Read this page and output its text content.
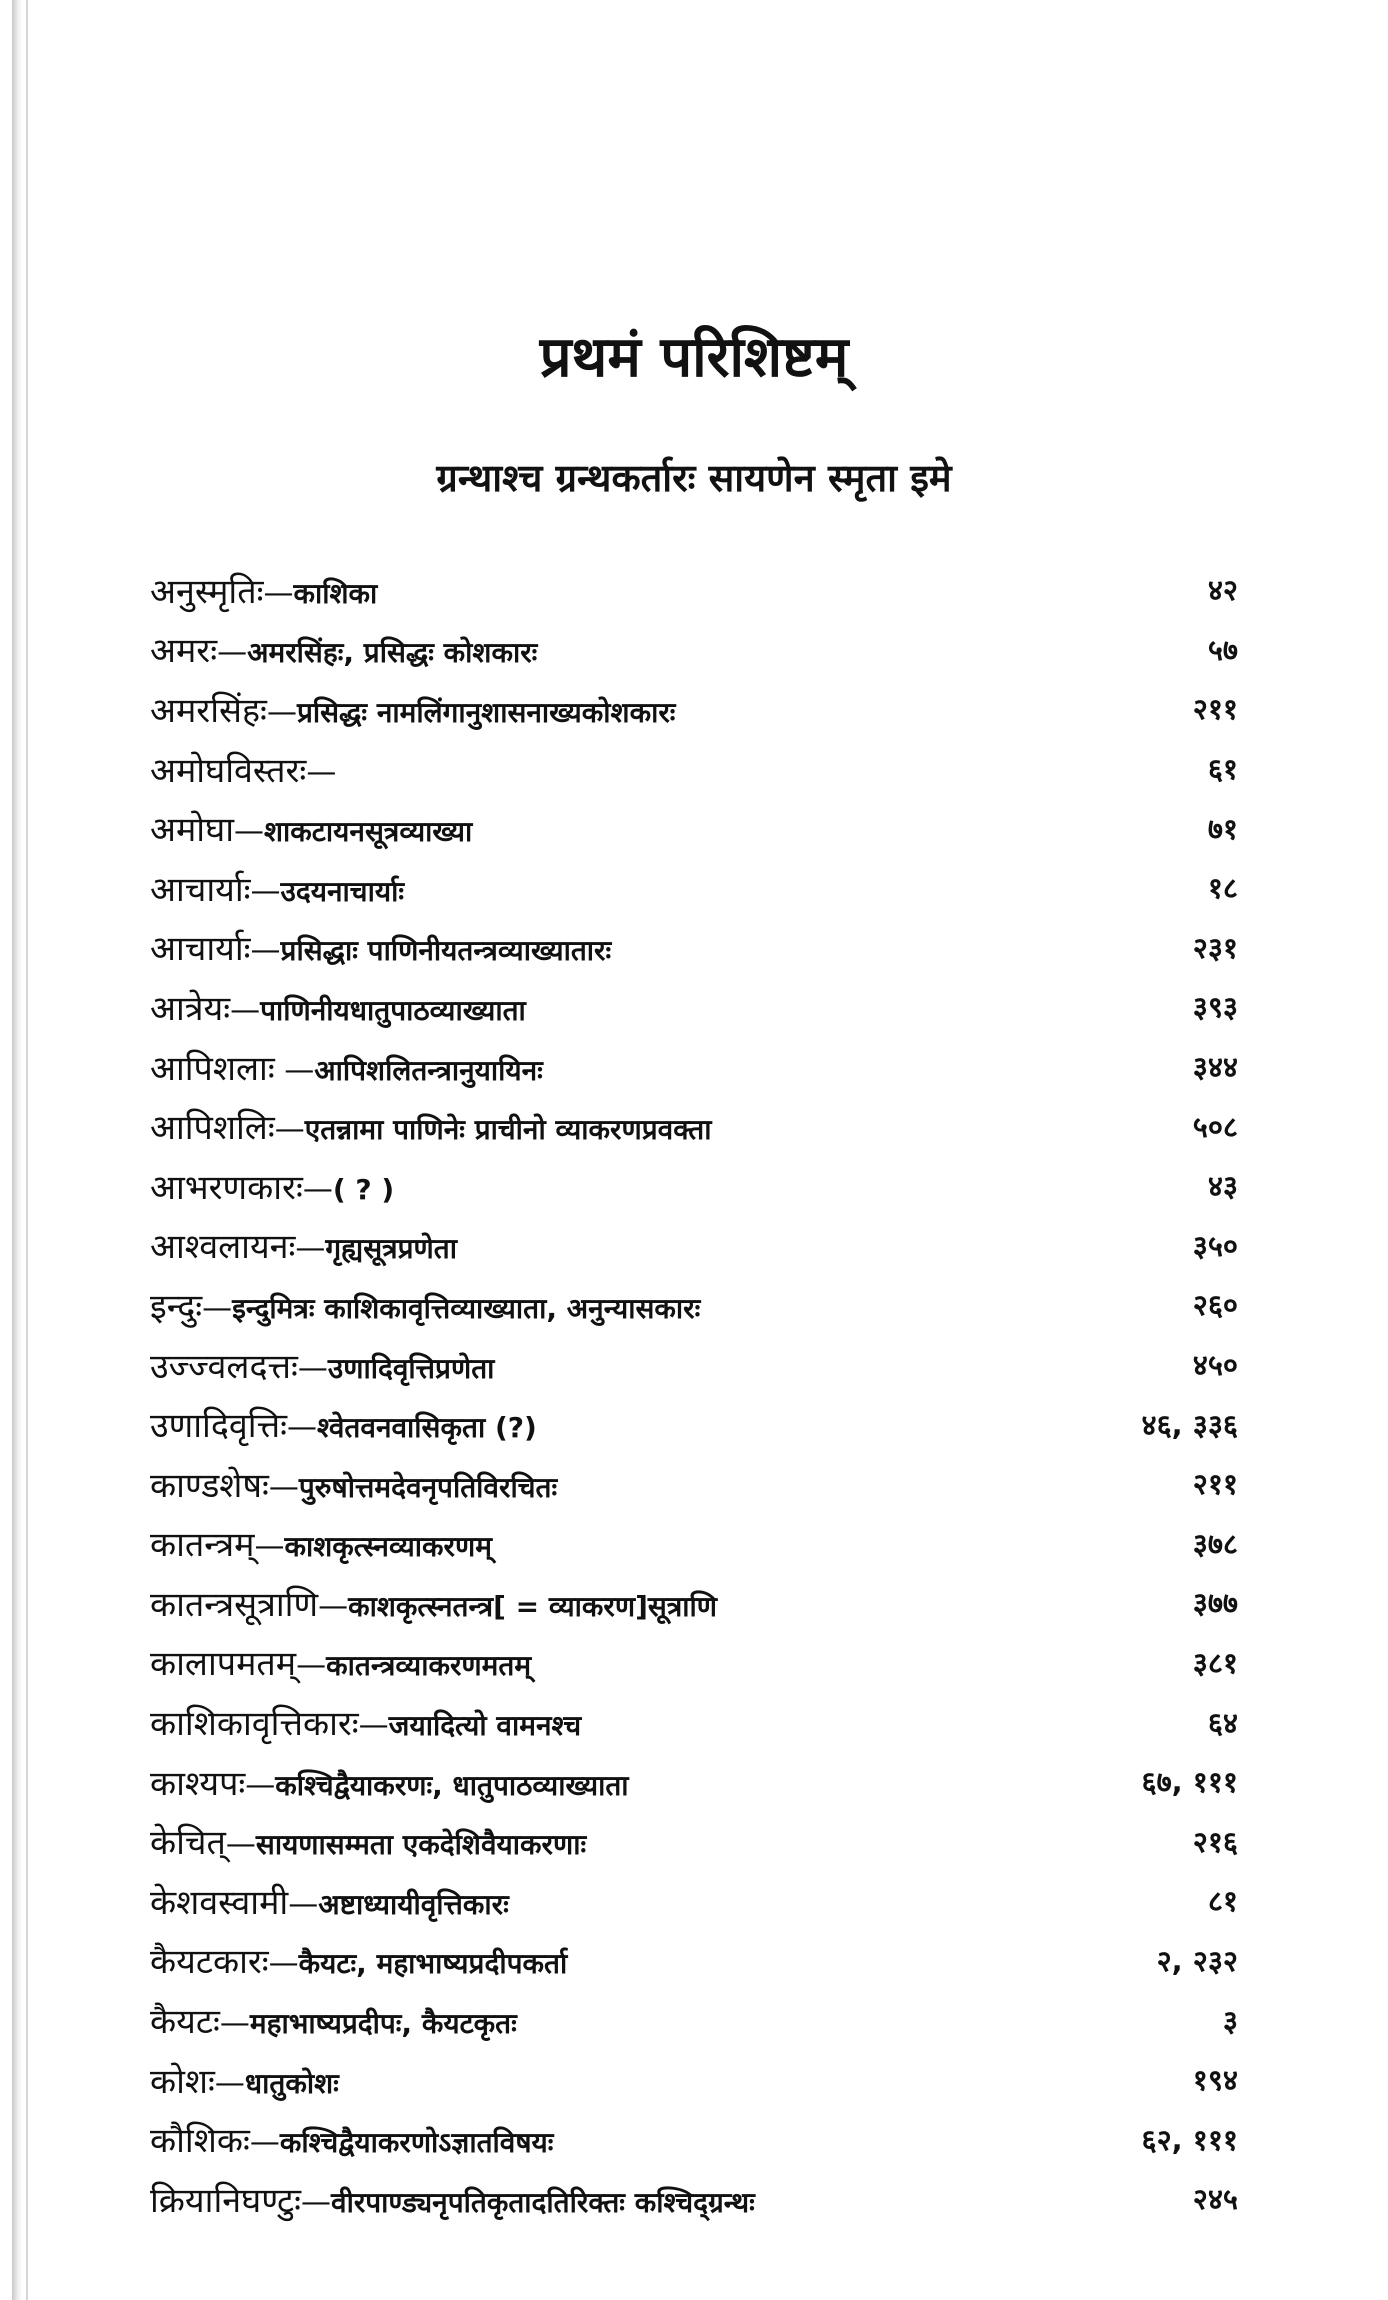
प्रथमं परिशिष्टम्
ग्रन्थाश्च ग्रन्थकर्तारः सायणेन स्मृता इमे
अनुस्मृतिः—काशिका	४२
अमरः—अमरसिंहः, प्रसिद्धः कोशकारः	५७
अमरसिंहः—प्रसिद्धः नामलिंगानुशासनाख्यकोशकारः	२११
अमोघविस्तरः—	६१
अमोघा—शाकटायनसूत्रव्याख्या	७१
आचार्याः—उदयनाचार्याः	१८
आचार्याः—प्रसिद्धाः पाणिनीयतन्त्रव्याख्यातारः	२३१
आत्रेयः—पाणिनीयधातुपाठव्याख्याता	३९३
आपिशलाः —आपिशलितन्त्रानुयायिनः	३४४
आपिशलिः—एतन्नामा पाणिनेः प्राचीनो व्याकरणप्रवक्ता	५०८
आभरणकारः—( ? )	४३
आश्वलायनः—गृह्यसूत्रप्रणेता	३५०
इन्दुः—इन्दुमित्रः काशिकावृत्तिव्याख्याता, अनुन्यासकारः	२६०
उज्ज्वलदत्तः—उणादिवृत्तिप्रणेता	४५०
उणादिवृत्तिः—श्वेतवनवासिकृता (?)	४६, ३३६
काण्डशेषः—पुरुषोत्तमदेवनृपतिविरचितः	२११
कातन्त्रम्—काशकृत्स्नव्याकरणम्	३७८
कातन्त्रसूत्राणि—काशकृत्स्नतन्त्र[ = व्याकरण]सूत्राणि	३७७
कालापमतम्—कातन्त्रव्याकरणमतम्	३८१
काशिकावृत्तिकारः—जयादित्यो वामनश्च	६४
काश्यपः—कश्चिद्वैयाकरणः, धातुपाठव्याख्याता	६७, १११
केचित्—सायणासम्मता एकदेशिवैयाकरणाः	२१६
केशवस्वामी—अष्टाध्यायीवृत्तिकारः	८१
कैयटकारः—कैयटः, महाभाष्यप्रदीपकर्ता	२, २३२
कैयटः—महाभाष्यप्रदीपः, कैयटकृतः	३
कोशः—धातुकोशः	१९४
कौशिकः—कश्चिद्वैयाकरणोऽज्ञातविषयः	६२, १११
क्रियानिघण्टुः—वीरपाण्ड्यनृपतिकृतादतिरिक्तः कश्चिद्ग्रन्थः	२४५
